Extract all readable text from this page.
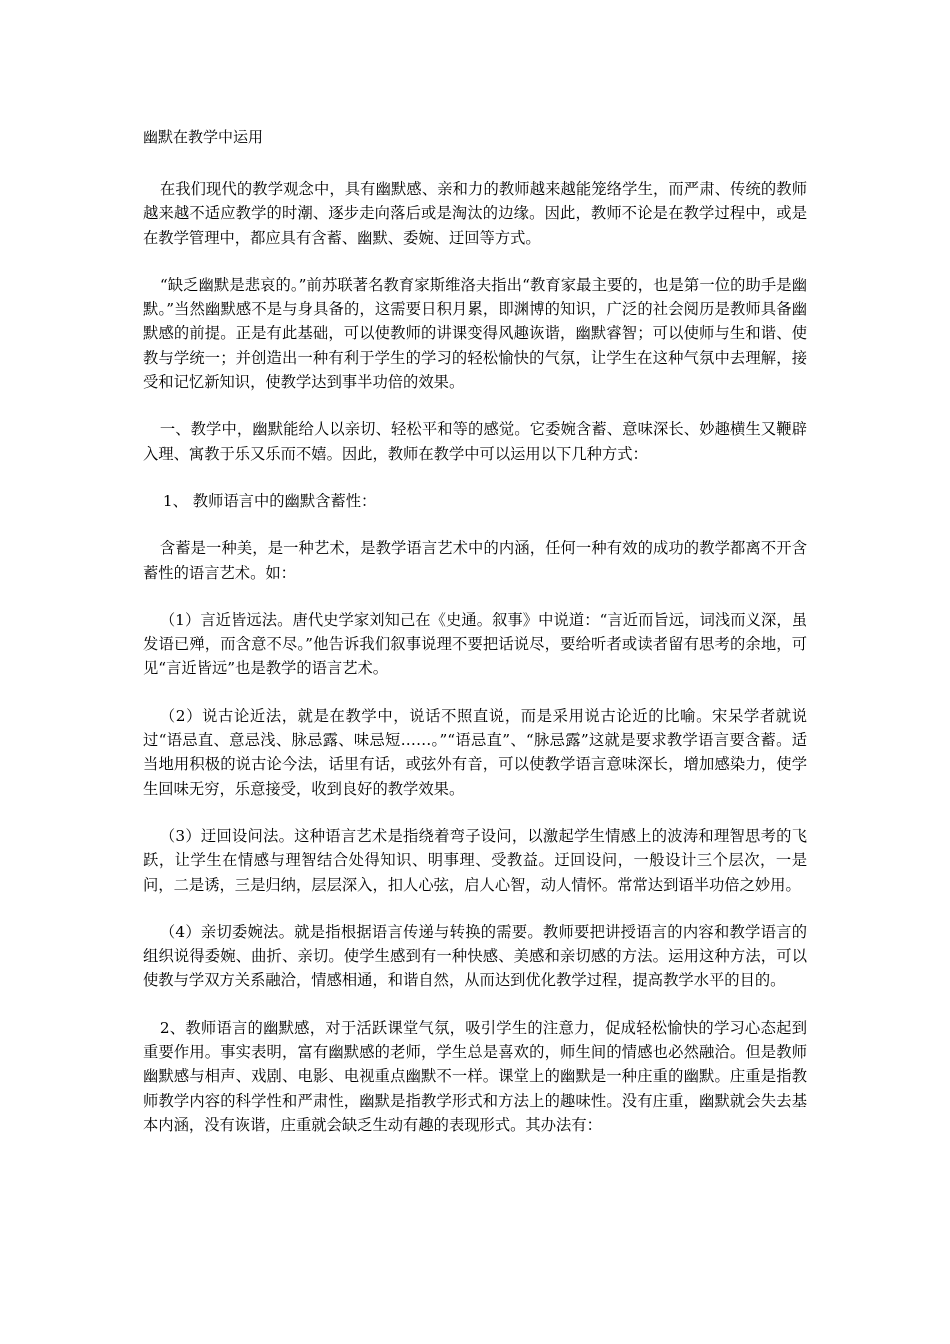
幽默在教学中运用

在我们现代的教学观念中，具有幽默感、亲和力的教师越来越能笼络学生，而严肃、传统的教师越来越不适应教学的时潮、逐步走向落后或是淘汰的边缘。因此，教师不论是在教学过程中，或是在教学管理中，都应具有含蓄、幽默、委婉、迂回等方式。

“缺乏幽默是悲哀的。”前苏联著名教育家斯维洛夫指出“教育家最主要的，也是第一位的助手是幽默。”当然幽默感不是与身具备的，这需要日积月累，即渊博的知识，广泛的社会阅历是教师具备幽默感的前提。正是有此基础，可以使教师的讲课变得风趣诙谐，幽默睿智；可以使师与生和谐、使教与学统一；并创造出一种有利于学生的学习的轻松愉快的气氛，让学生在这种气氛中去理解，接受和记忆新知识，使教学达到事半功倍的效果。

一、教学中，幽默能给人以亲切、轻松平和等的感觉。它委婉含蓄、意味深长、妙趣横生又鞭辟入理、寓教于乐又乐而不嬉。因此，教师在教学中可以运用以下几种方式：

1、 教师语言中的幽默含蓄性：

含蓄是一种美，是一种艺术，是教学语言艺术中的内涵，任何一种有效的成功的教学都离不开含蓄性的语言艺术。如：

（1）言近皆远法。唐代史学家刘知己在《史通。叙事》中说道：“言近而旨远，词浅而义深，虽发语已殚，而含意不尽。”他告诉我们叙事说理不要把话说尽，要给听者或读者留有思考的余地，可见“言近皆远”也是教学的语言艺术。

（2）说古论近法，就是在教学中，说话不照直说，而是采用说古论近的比喻。宋呆学者就说过“语忌直、意忌浅、脉忌露、味忌短……。”“语忌直”、“脉忌露”这就是要求教学语言要含蓄。适当地用积极的说古论今法，话里有话，或弦外有音，可以使教学语言意味深长，增加感染力，使学生回味无穷，乐意接受，收到良好的教学效果。

（3）迂回设问法。这种语言艺术是指绕着弯子设问，以激起学生情感上的波涛和理智思考的飞跃，让学生在情感与理智结合处得知识、明事理、受教益。迂回设问，一般设计三个层次，一是问，二是诱，三是归纳，层层深入，扣人心弦，启人心智，动人情怀。常常达到语半功倍之妙用。

（4）亲切委婉法。就是指根据语言传递与转换的需要。教师要把讲授语言的内容和教学语言的组织说得委婉、曲折、亲切。使学生感到有一种快感、美感和亲切感的方法。运用这种方法，可以使教与学双方关系融洽，情感相通，和谐自然，从而达到优化教学过程，提高教学水平的目的。

2、教师语言的幽默感，对于活跃课堂气氛，吸引学生的注意力，促成轻松愉快的学习心态起到重要作用。事实表明，富有幽默感的老师，学生总是喜欢的，师生间的情感也必然融洽。但是教师幽默感与相声、戏剧、电影、电视重点幽默不一样。课堂上的幽默是一种庄重的幽默。庄重是指教师教学内容的科学性和严肃性，幽默是指教学形式和方法上的趣味性。没有庄重，幽默就会失去基本内涵，没有诙谐，庄重就会缺乏生动有趣的表现形式。其办法有：
